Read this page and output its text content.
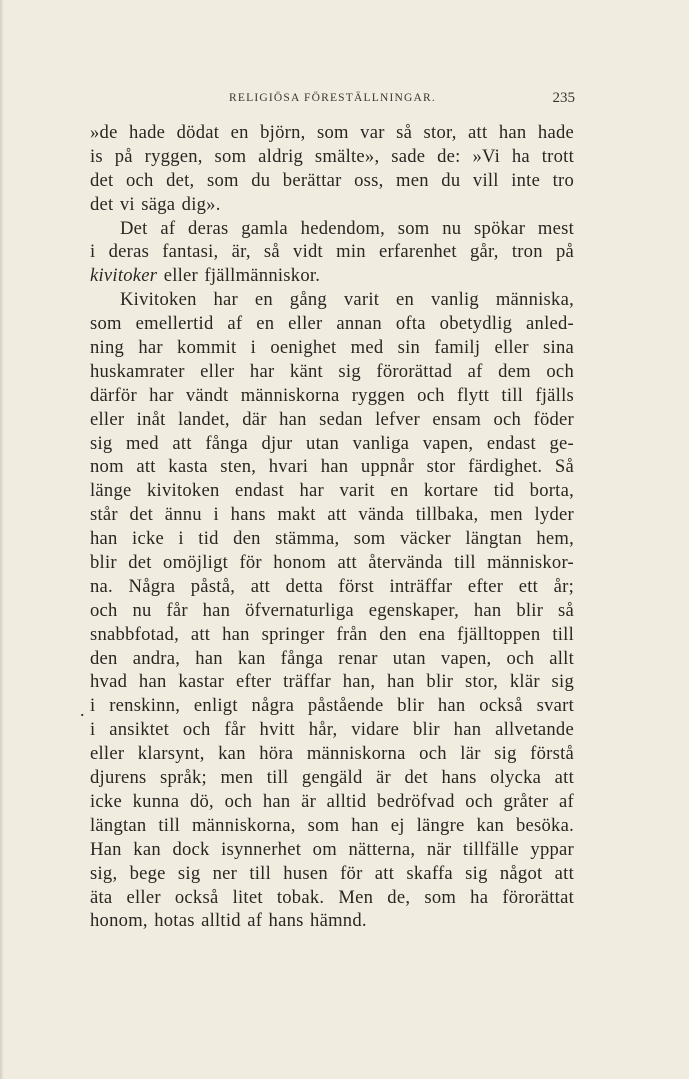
RELIGIÖSA FÖRESTÄLLNINGAR.	235
.
»de hade dödat en björn, som var så stor, att han hade
is på ryggen, som aldrig smälte», sade de: »Vi ha trott
det och det, som du berättar oss, men du vill inte tro
det vi säga dig».
Det af deras gamla hedendom, som nu spökar mest
i deras fantasi, är, så vidt min erfarenhet går, tron på
kivitoker eller fjällmänniskor.
Kivitoken har en gång varit en vanlig människa,
som emellertid af en eller annan ofta obetydlig anled-
ning har kommit i oenighet med sin familj eller sina
huskamrater eller har känt sig förorättad af dem och
därför har vändt människorna ryggen och flytt till fjälls
eller inåt landet, där han sedan lefver ensam och föder
sig med att fånga djur utan vanliga vapen, endast ge-
nom att kasta sten, hvari han uppnår stor färdighet. Så
länge kivitoken endast har varit en kortare tid borta,
står det ännu i hans makt att vända tillbaka, men lyder
han icke i tid den stämma, som väcker längtan hem,
blir det omöjligt för honom att återvända till människor-
na. Några påstå, att detta först inträffar efter ett år;
och nu får han öfvernaturliga egenskaper, han blir så
snabbfotad, att han springer från den ena fjälltoppen till
den andra, han kan fånga renar utan vapen, och allt
hvad han kastar efter träffar han, han blir stor, klär sig
i renskinn, enligt några påstående blir han också svart
i ansiktet och får hvitt hår, vidare blir han allvetande
eller klarsynt, kan höra människorna och lär sig förstå
djurens språk; men till gengäld är det hans olycka att
icke kunna dö, och han är alltid bedröfvad och gråter af
längtan till människorna, som han ej längre kan besöka.
Han kan dock isynnerhet om nätterna, när tillfälle yppar
sig, bege sig ner till husen för att skaffa sig något att
äta eller också litet tobak. Men de, som ha förorättat
honom, hotas alltid af hans hämnd.
